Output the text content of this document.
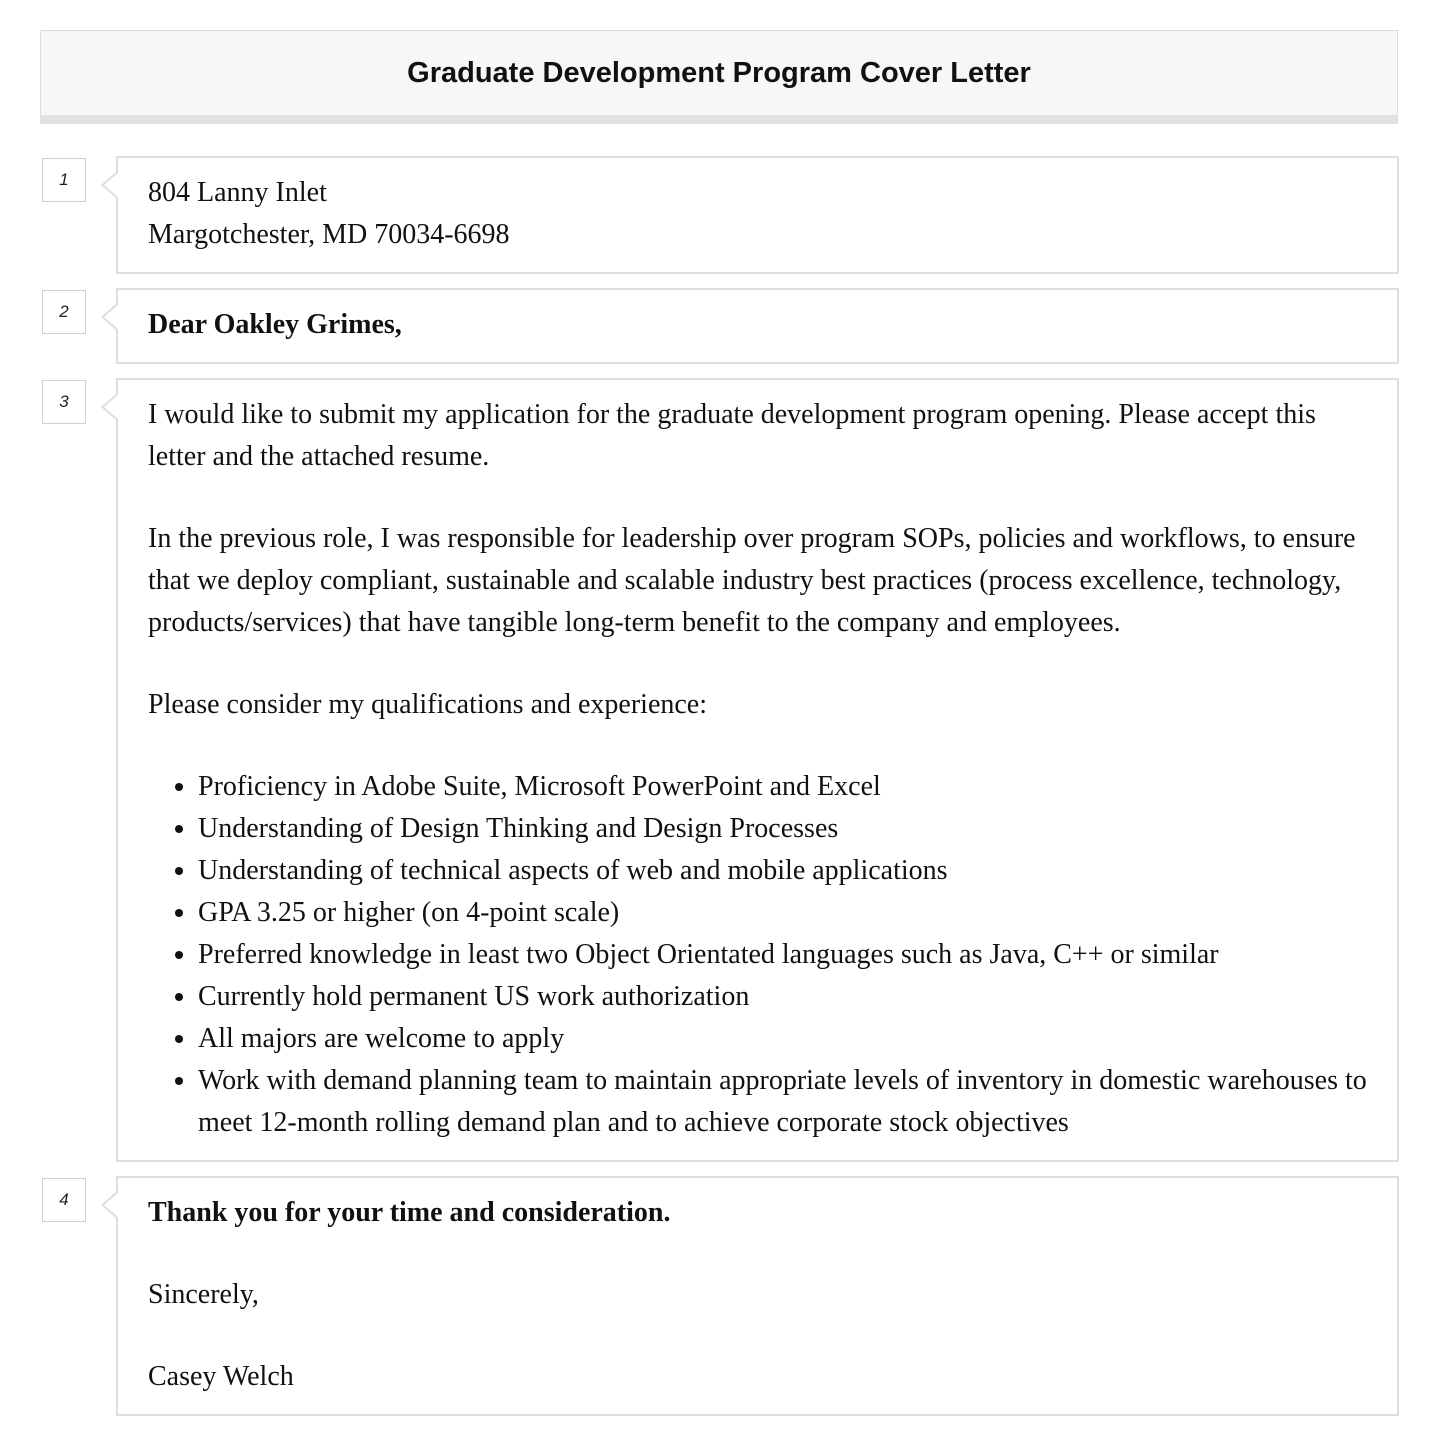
Graduate Development Program Cover Letter
1	804 Lanny Inlet
Margotchester, MD 70034-6698
2	Dear Oakley Grimes,
3	I would like to submit my application for the graduate development program opening. Please accept this letter and the attached resume.

In the previous role, I was responsible for leadership over program SOPs, policies and workflows, to ensure that we deploy compliant, sustainable and scalable industry best practices (process excellence, technology, products/services) that have tangible long-term benefit to the company and employees.

Please consider my qualifications and experience:

• Proficiency in Adobe Suite, Microsoft PowerPoint and Excel
• Understanding of Design Thinking and Design Processes
• Understanding of technical aspects of web and mobile applications
• GPA 3.25 or higher (on 4-point scale)
• Preferred knowledge in least two Object Orientated languages such as Java, C++ or similar
• Currently hold permanent US work authorization
• All majors are welcome to apply
• Work with demand planning team to maintain appropriate levels of inventory in domestic warehouses to meet 12-month rolling demand plan and to achieve corporate stock objectives
4	Thank you for your time and consideration.

Sincerely,

Casey Welch
